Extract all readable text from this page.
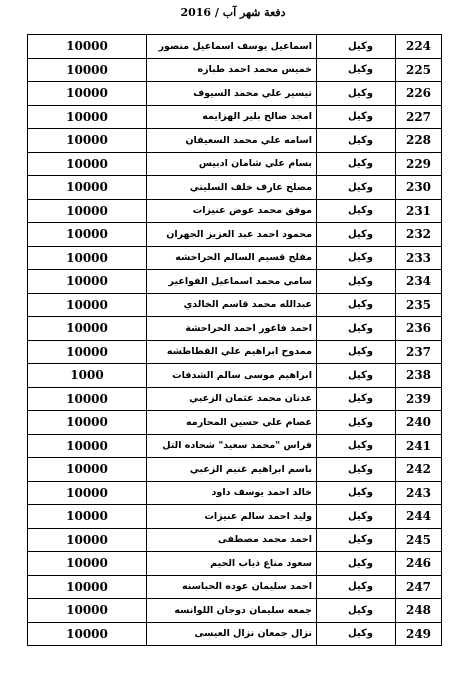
دفعة شهر آب / 2016
224	وكيل	اسماعيل يوسف اسماعيل منصور	10000
225	وكيل	خميس محمد احمد طبازه	10000
226	وكيل	تيسير علي محمد السيوف	10000
227	وكيل	امجد صالح بلير الهزايمه	10000
228	وكيل	اسامه علي محمد السعيفان	10000
229	وكيل	بسام علي شامان ادبيس	10000
230	وكيل	مصلح عارف خلف السليتي	10000
231	وكيل	موفق محمد عوض عنيزات	10000
232	وكيل	محمود احمد عبد العزيز الجهران	10000
233	وكيل	مفلح قسيم السالم الحراحشه	10000
234	وكيل	سامي محمد اسماعيل الفواعير	10000
235	وكيل	عبدالله محمد قاسم الخالدي	10000
236	وكيل	احمد فاعور احمد الحراحشة	10000
237	وكيل	ممدوح ابراهيم علي القطاطشه	10000
238	وكيل	ابراهيم موسى سالم الشدفات	1000
239	وكيل	عدنان محمد عثمان الزعبي	10000
240	وكيل	عصام علي حسين المحارمه	10000
241	وكيل	فراس "محمد سعيد" شحاده التل	10000
242	وكيل	باسم ابراهيم غنيم الزعبي	10000
243	وكيل	خالد احمد يوسف داود	10000
244	وكيل	وليد احمد سالم عنيزات	10000
245	وكيل	احمد محمد مصطفى	10000
246	وكيل	سعود مناع ذياب الحيم	10000
247	وكيل	احمد سليمان عوده الحباسنه	10000
248	وكيل	جمعه سليمان دوجان اللوانسه	10000
249	وكيل	نزال جمعان نزال العيسى	10000
